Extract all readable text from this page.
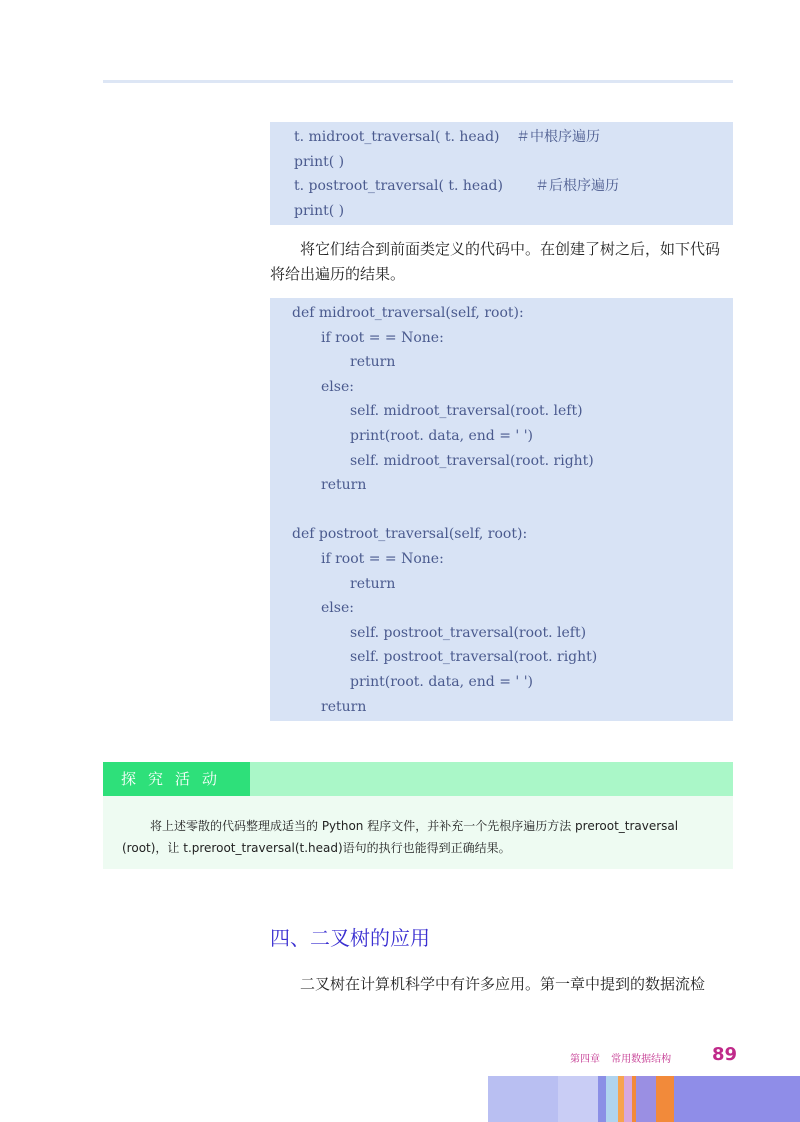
t. midroot_traversal( t. head) ＃中根序遍历
print( )
t. postroot_traversal( t. head) ＃后根序遍历
print( )
将它们结合到前面类定义的代码中。在创建了树之后，如下代码
将给出遍历的结果。
def midroot_traversal(self, root):
if root = = None:
return
else:
self. midroot_traversal(root. left)
print(root. data, end = ' ')
self. midroot_traversal(root. right)
return
def postroot_traversal(self, root):
if root = = None:
return
else:
self. postroot_traversal(root. left)
self. postroot_traversal(root. right)
print(root. data, end = ' ')
return
探究活动
将上述零散的代码整理成适当的 Python 程序文件，并补充一个先根序遍历方法 preroot_traversal
(root)，让 t.preroot_traversal(t.head)语句的执行也能得到正确结果。
四、二叉树的应用
二叉树在计算机科学中有许多应用。第一章中提到的数据流检
第四章 常用数据结构 89
